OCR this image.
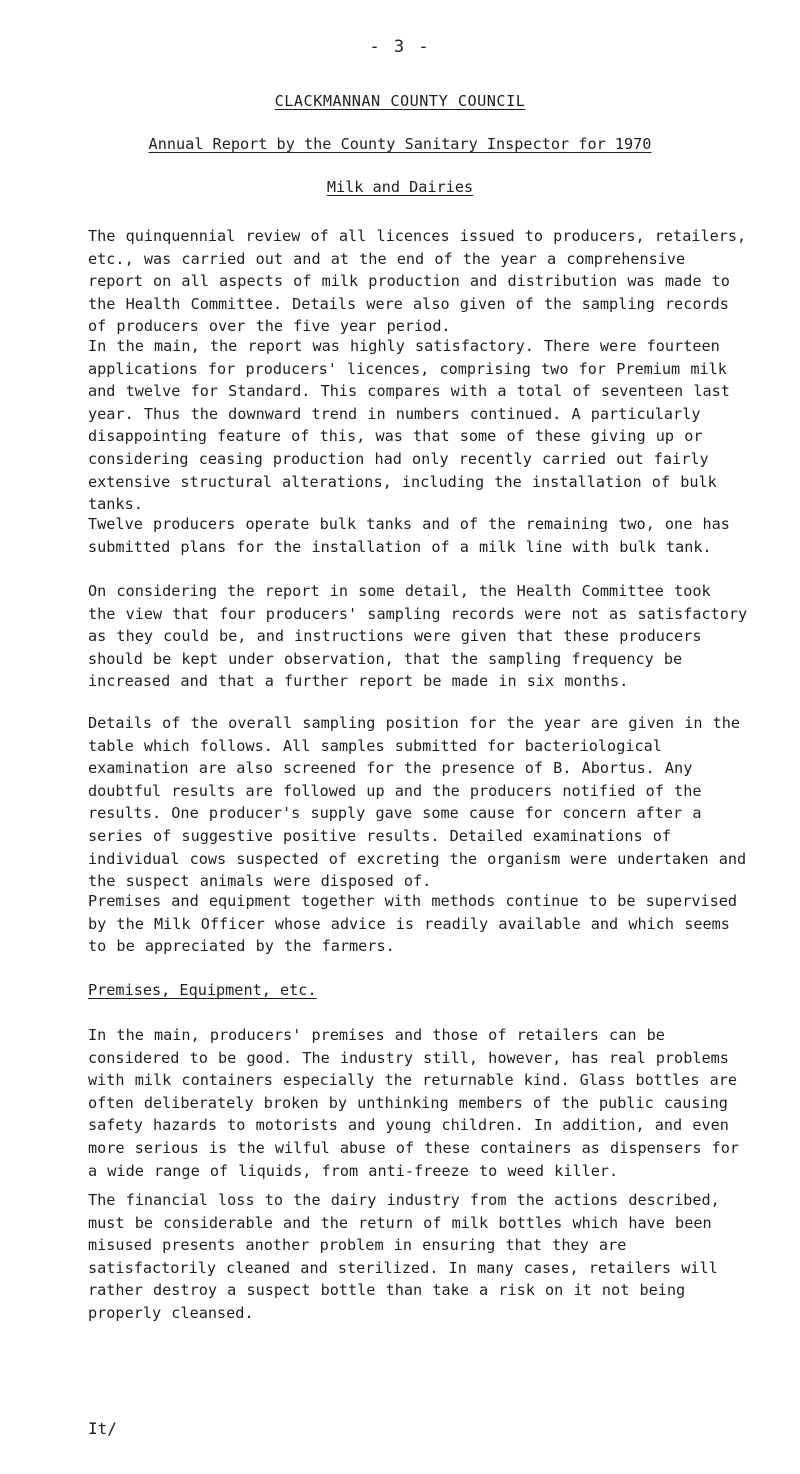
- 3 -
CLACKMANNAN COUNTY COUNCIL
Annual Report by the County Sanitary Inspector for 1970
Milk and Dairies

The quinquennial review of all licences issued to producers, retailers, etc., was carried out and at the end of the year a comprehensive report on all aspects of milk production and distribution was made to the Health Committee. Details were also given of the sampling records of producers over the five year period.

In the main, the report was highly satisfactory. There were fourteen applications for producers' licences, comprising two for Premium milk and twelve for Standard. This compares with a total of seventeen last year. Thus the downward trend in numbers continued. A particularly disappointing feature of this, was that some of these giving up or considering ceasing production had only recently carried out fairly extensive structural alterations, including the installation of bulk tanks.

Twelve producers operate bulk tanks and of the remaining two, one has submitted plans for the installation of a milk line with bulk tank.

On considering the report in some detail, the Health Committee took the view that four producers' sampling records were not as satisfactory as they could be, and instructions were given that these producers should be kept under observation, that the sampling frequency be increased and that a further report be made in six months.

Details of the overall sampling position for the year are given in the table which follows. All samples submitted for bacteriological examination are also screened for the presence of B. Abortus. Any doubtful results are followed up and the producers notified of the results. One producer's supply gave some cause for concern after a series of suggestive positive results. Detailed examinations of individual cows suspected of excreting the organism were undertaken and the suspect animals were disposed of.

Premises and equipment together with methods continue to be supervised by the Milk Officer whose advice is readily available and which seems to be appreciated by the farmers.

Premises, Equipment, etc.

In the main, producers' premises and those of retailers can be considered to be good. The industry still, however, has real problems with milk containers especially the returnable kind. Glass bottles are often deliberately broken by unthinking members of the public causing safety hazards to motorists and young children. In addition, and even more serious is the wilful abuse of these containers as dispensers for a wide range of liquids, from anti-freeze to weed killer.

The financial loss to the dairy industry from the actions described, must be considerable and the return of milk bottles which have been misused presents another problem in ensuring that they are satisfactorily cleaned and sterilized. In many cases, retailers will rather destroy a suspect bottle than take a risk on it not being properly cleansed.

It/
